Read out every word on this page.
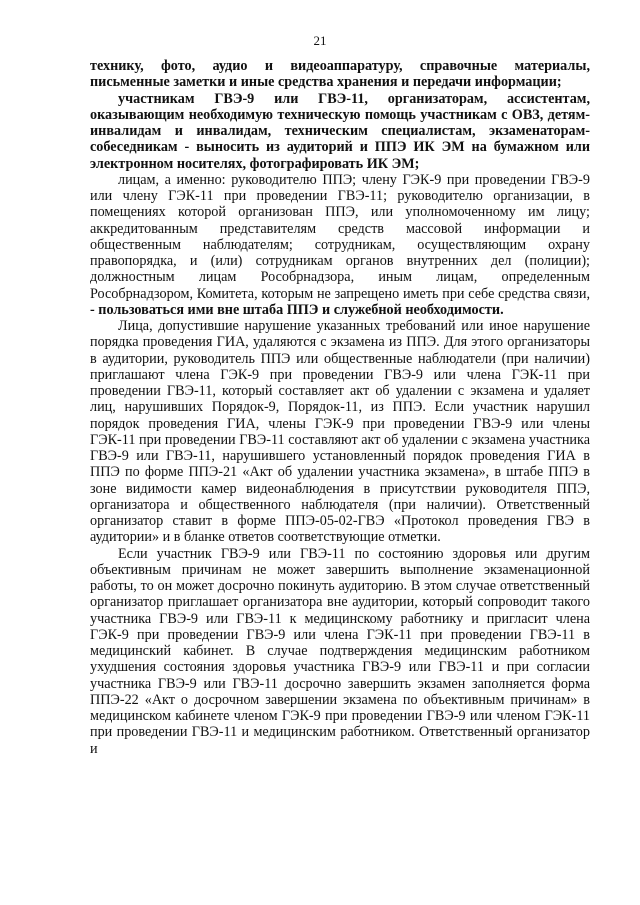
21

технику, фото, аудио и видеоаппаратуру, справочные материалы, письменные заметки и иные средства хранения и передачи информации;

участникам ГВЭ-9 или ГВЭ-11, организаторам, ассистентам, оказывающим необходимую техническую помощь участникам с ОВЗ, детям-инвалидам и инвалидам, техническим специалистам, экзаменаторам-собеседникам - выносить из аудиторий и ППЭ ИК ЭМ на бумажном или электронном носителях, фотографировать ИК ЭМ;

лицам, а именно: руководителю ППЭ; члену ГЭК-9 при проведении ГВЭ-9 или члену ГЭК-11 при проведении ГВЭ-11; руководителю организации, в помещениях которой организован ППЭ, или уполномоченному им лицу; аккредитованным представителям средств массовой информации и общественным наблюдателям; сотрудникам, осуществляющим охрану правопорядка, и (или) сотрудникам органов внутренних дел (полиции); должностным лицам Рособрнадзора, иным лицам, определенным Рособрнадзором, Комитета, которым не запрещено иметь при себе средства связи, - пользоваться ими вне штаба ППЭ и служебной необходимости.

Лица, допустившие нарушение указанных требований или иное нарушение порядка проведения ГИА, удаляются с экзамена из ППЭ. Для этого организаторы в аудитории, руководитель ППЭ или общественные наблюдатели (при наличии) приглашают члена ГЭК-9 при проведении ГВЭ-9 или члена ГЭК-11 при проведении ГВЭ-11, который составляет акт об удалении с экзамена и удаляет лиц, нарушивших Порядок-9, Порядок-11, из ППЭ. Если участник нарушил порядок проведения ГИА, члены ГЭК-9 при проведении ГВЭ-9 или члены ГЭК-11 при проведении ГВЭ-11 составляют акт об удалении с экзамена участника ГВЭ-9 или ГВЭ-11, нарушившего установленный порядок проведения ГИА в ППЭ по форме ППЭ-21 «Акт об удалении участника экзамена», в штабе ППЭ в зоне видимости камер видеонаблюдения в присутствии руководителя ППЭ, организатора и общественного наблюдателя (при наличии). Ответственный организатор ставит в форме ППЭ-05-02-ГВЭ «Протокол проведения ГВЭ в аудитории» и в бланке ответов соответствующие отметки.

Если участник ГВЭ-9 или ГВЭ-11 по состоянию здоровья или другим объективным причинам не может завершить выполнение экзаменационной работы, то он может досрочно покинуть аудиторию. В этом случае ответственный организатор приглашает организатора вне аудитории, который сопроводит такого участника ГВЭ-9 или ГВЭ-11 к медицинскому работнику и пригласит члена ГЭК-9 при проведении ГВЭ-9 или члена ГЭК-11 при проведении ГВЭ-11 в медицинский кабинет. В случае подтверждения медицинским работником ухудшения состояния здоровья участника ГВЭ-9 или ГВЭ-11 и при согласии участника ГВЭ-9 или ГВЭ-11 досрочно завершить экзамен заполняется форма ППЭ-22 «Акт о досрочном завершении экзамена по объективным причинам» в медицинском кабинете членом ГЭК-9 при проведении ГВЭ-9 или членом ГЭК-11 при проведении ГВЭ-11 и медицинским работником. Ответственный организатор и
